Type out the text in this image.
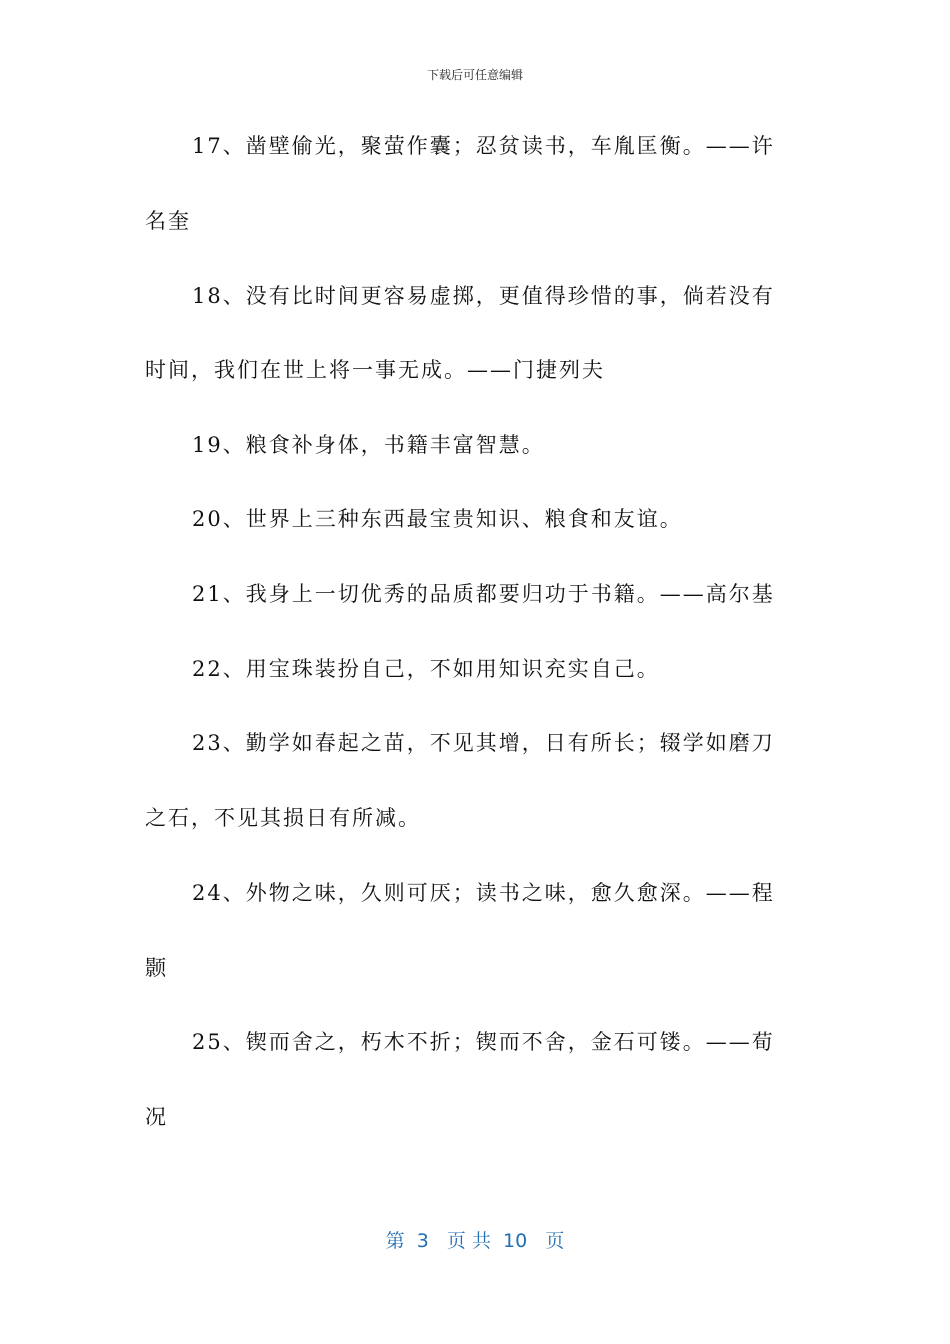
下载后可任意编辑
17、凿壁偷光，聚萤作囊；忍贫读书，车胤匡衡。——许
名奎
18、没有比时间更容易虚掷，更值得珍惜的事，倘若没有
时间，我们在世上将一事无成。——门捷列夫
19、粮食补身体，书籍丰富智慧。
20、世界上三种东西最宝贵知识、粮食和友谊。
21、我身上一切优秀的品质都要归功于书籍。——高尔基
22、用宝珠装扮自己，不如用知识充实自己。
23、勤学如春起之苗，不见其增，日有所长；辍学如磨刀
之石，不见其损日有所减。
24、外物之味，久则可厌；读书之味，愈久愈深。——程
颢
25、锲而舍之，朽木不折；锲而不舍，金石可镂。——荀
况
第  3   页 共  10   页
